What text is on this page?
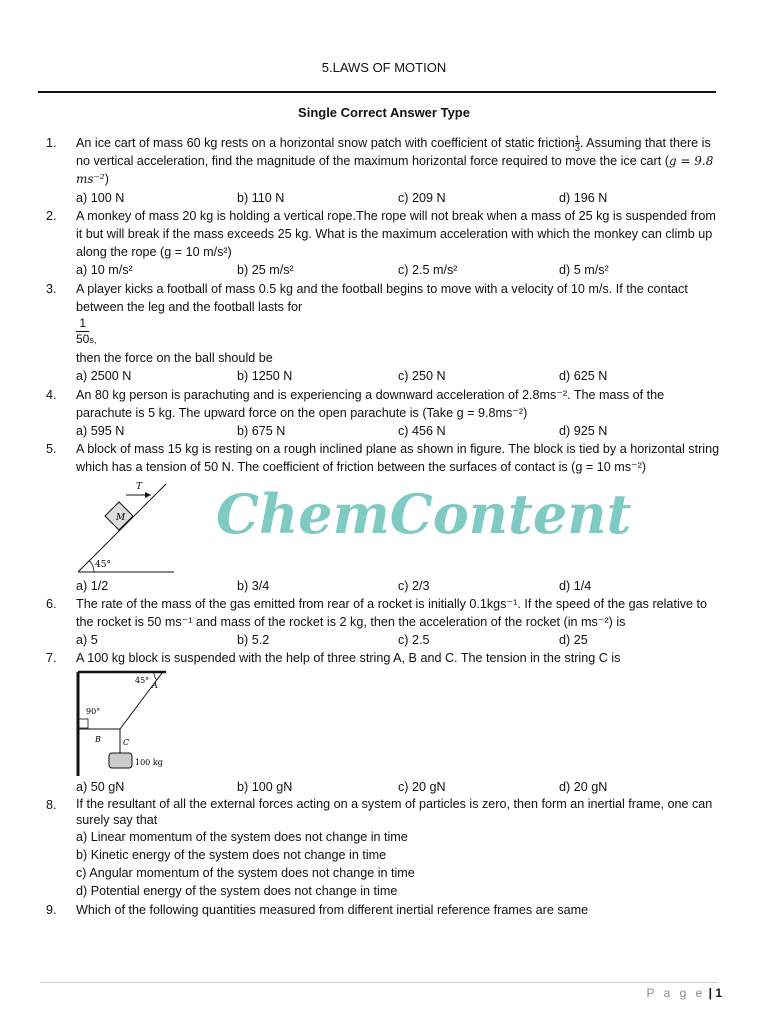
5.LAWS OF MOTION
Single Correct Answer Type
1.	An ice cart of mass 60 kg rests on a horizontal snow patch with coefficient of static friction $\frac{1}{3}$ . Assuming that there is no vertical acceleration, find the magnitude of the maximum horizontal force required to move the ice cart (g = 9.8 ms⁻²)
a) 100 N	b) 110 N	c) 209 N	d) 196 N
2.	A monkey of mass 20 kg is holding a vertical rope.The rope will not break when a mass of 25 kg is suspended from it but will break if the mass exceeds 25 kg. What is the maximum acceleration with which the monkey can climb up along the rope (g = 10 m/s²)
a) 10 m/s²	b) 25 m/s²	c) 2.5 m/s²	d) 5 m/s²
3.	A player kicks a football of mass 0.5 kg and the football begins to move with a velocity of 10 m/s. If the contact between the leg and the football lasts for
$\frac{1}{50}s$,
then the force on the ball should be
a) 2500 N	b) 1250 N	c) 250 N	d) 625 N
4.	An 80 kg person is parachuting and is experiencing a downward acceleration of 2.8ms⁻². The mass of the parachute is 5 kg. The upward force on the open parachute is (Take g = 9.8ms⁻²)
a) 595 N	b) 675 N	c) 456 N	d) 925 N
5.	A block of mass 15 kg is resting on a rough inclined plane as shown in figure. The block is tied by a horizontal string which has a tension of 50 N. The coefficient of friction between the surfaces of contact is (g = 10 ms⁻²)
T
M
45°
a) 1/2	b) 3/4	c) 2/3	d) 1/4
6.	The rate of the mass of the gas emitted from rear of a rocket is initially 0.1kgs⁻¹. If the speed of the gas relative to the rocket is 50 ms⁻¹ and mass of the rocket is 2 kg, then the acceleration of the rocket (in ms⁻²) is
a) 5	b) 5.2	c) 2.5	d) 25
7.	A 100 kg block is suspended with the help of three string A, B and C. The tension in the string C is
45°
A
90°
B	C
100 kg
a) 50 gN	b) 100 gN	c) 20 gN	d) 20 gN
8.	If the resultant of all the external forces acting on a system of particles is zero, then form an inertial frame, one can surely say that
a) Linear momentum of the system does not change in time
b) Kinetic energy of the system does not change in time
c) Angular momentum of the system does not change in time
d) Potential energy of the system does not change in time
9.	Which of the following quantities measured from different inertial reference frames are same
ChemContent
P a g e | 1
